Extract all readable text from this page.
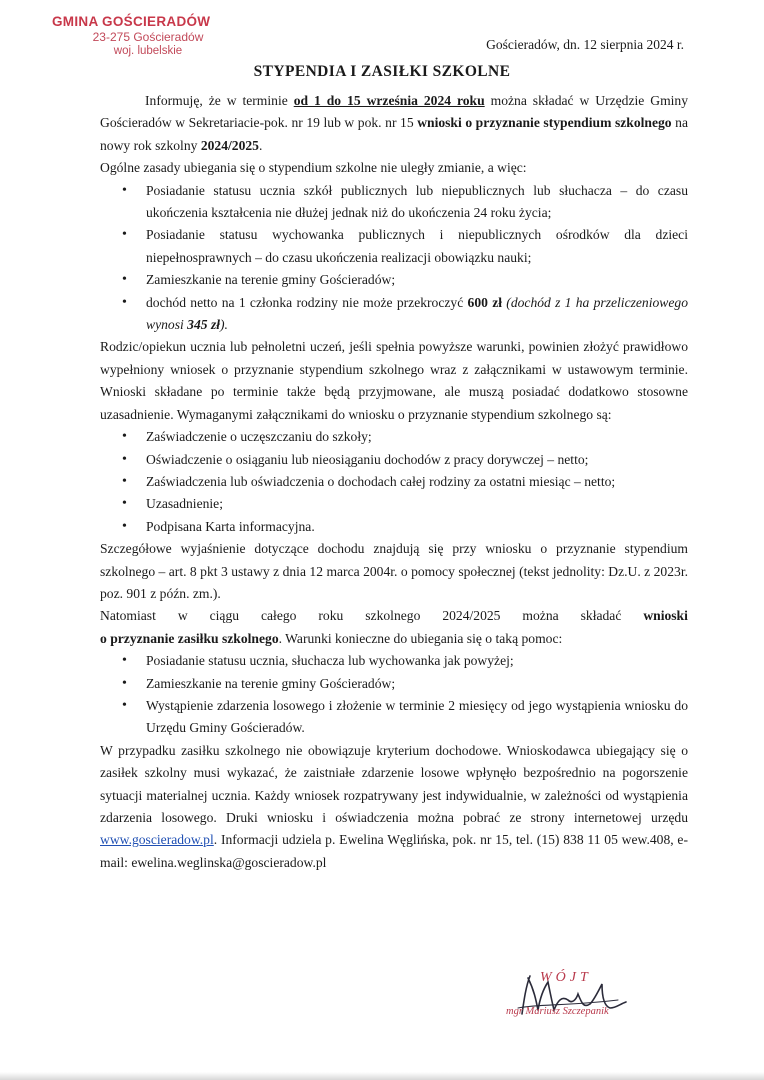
GMINA GOŚCIERADÓW
23-275 Gościeradów
woj. lubelskie	Gościeradów, dn. 12 sierpnia 2024 r.
STYPENDIA I ZASIŁKI SZKOLNE

Informuję, że w terminie od 1 do 15 września 2024 roku można składać w Urzędzie Gminy Gościeradów w Sekretariacie-pok. nr 19 lub w pok. nr 15 wnioski o przyznanie stypendium szkolnego na nowy rok szkolny 2024/2025.

Ogólne zasady ubiegania się o stypendium szkolne nie uległy zmianie, a więc:

• Posiadanie statusu ucznia szkół publicznych lub niepublicznych lub słuchacza – do czasu ukończenia kształcenia nie dłużej jednak niż do ukończenia 24 roku życia;
• Posiadanie statusu wychowanka publicznych i niepublicznych ośrodków dla dzieci niepełnosprawnych – do czasu ukończenia realizacji obowiązku nauki;
• Zamieszkanie na terenie gminy Gościeradów;
• dochód netto na 1 członka rodziny nie może przekroczyć 600 zł (dochód z 1 ha przeliczeniowego wynosi 345 zł).

Rodzic/opiekun ucznia lub pełnoletni uczeń, jeśli spełnia powyższe warunki, powinien złożyć prawidłowo wypełniony wniosek o przyznanie stypendium szkolnego wraz z załącznikami w ustawowym terminie. Wnioski składane po terminie także będą przyjmowane, ale muszą posiadać dodatkowo stosowne uzasadnienie. Wymaganymi załącznikami do wniosku o przyznanie stypendium szkolnego są:

• Zaświadczenie o uczęszczaniu do szkoły;
• Oświadczenie o osiąganiu lub nieosiąganiu dochodów z pracy dorywczej – netto;
• Zaświadczenia lub oświadczenia o dochodach całej rodziny za ostatni miesiąc – netto;
• Uzasadnienie;
• Podpisana Karta informacyjna.

Szczegółowe wyjaśnienie dotyczące dochodu znajdują się przy wniosku o przyznanie stypendium szkolnego – art. 8 pkt 3 ustawy z dnia 12 marca 2004r. o pomocy społecznej (tekst jednolity: Dz.U. z 2023r. poz. 901 z późn. zm.).

Natomiast w ciągu całego roku szkolnego 2024/2025 można składać wnioski

o przyznanie zasiłku szkolnego. Warunki konieczne do ubiegania się o taką pomoc:

• Posiadanie statusu ucznia, słuchacza lub wychowanka jak powyżej;
• Zamieszkanie na terenie gminy Gościeradów;
• Wystąpienie zdarzenia losowego i złożenie w terminie 2 miesięcy od jego wystąpienia wniosku do Urzędu Gminy Gościeradów.

W przypadku zasiłku szkolnego nie obowiązuje kryterium dochodowe. Wnioskodawca ubiegający się o zasiłek szkolny musi wykazać, że zaistniałe zdarzenie losowe wpłynęło bezpośrednio na pogorszenie sytuacji materialnej ucznia. Każdy wniosek rozpatrywany jest indywidualnie, w zależności od wystąpienia zdarzenia losowego. Druki wniosku i oświadczenia można pobrać ze strony internetowej urzędu www.goscieradow.pl. Informacji udziela p. Ewelina Węglińska, pok. nr 15, tel. (15) 838 11 05 wew.408, e-mail: ewelina.weglinska@goscieradow.pl

WÓJT
mgr Mariusz Szczepanik
